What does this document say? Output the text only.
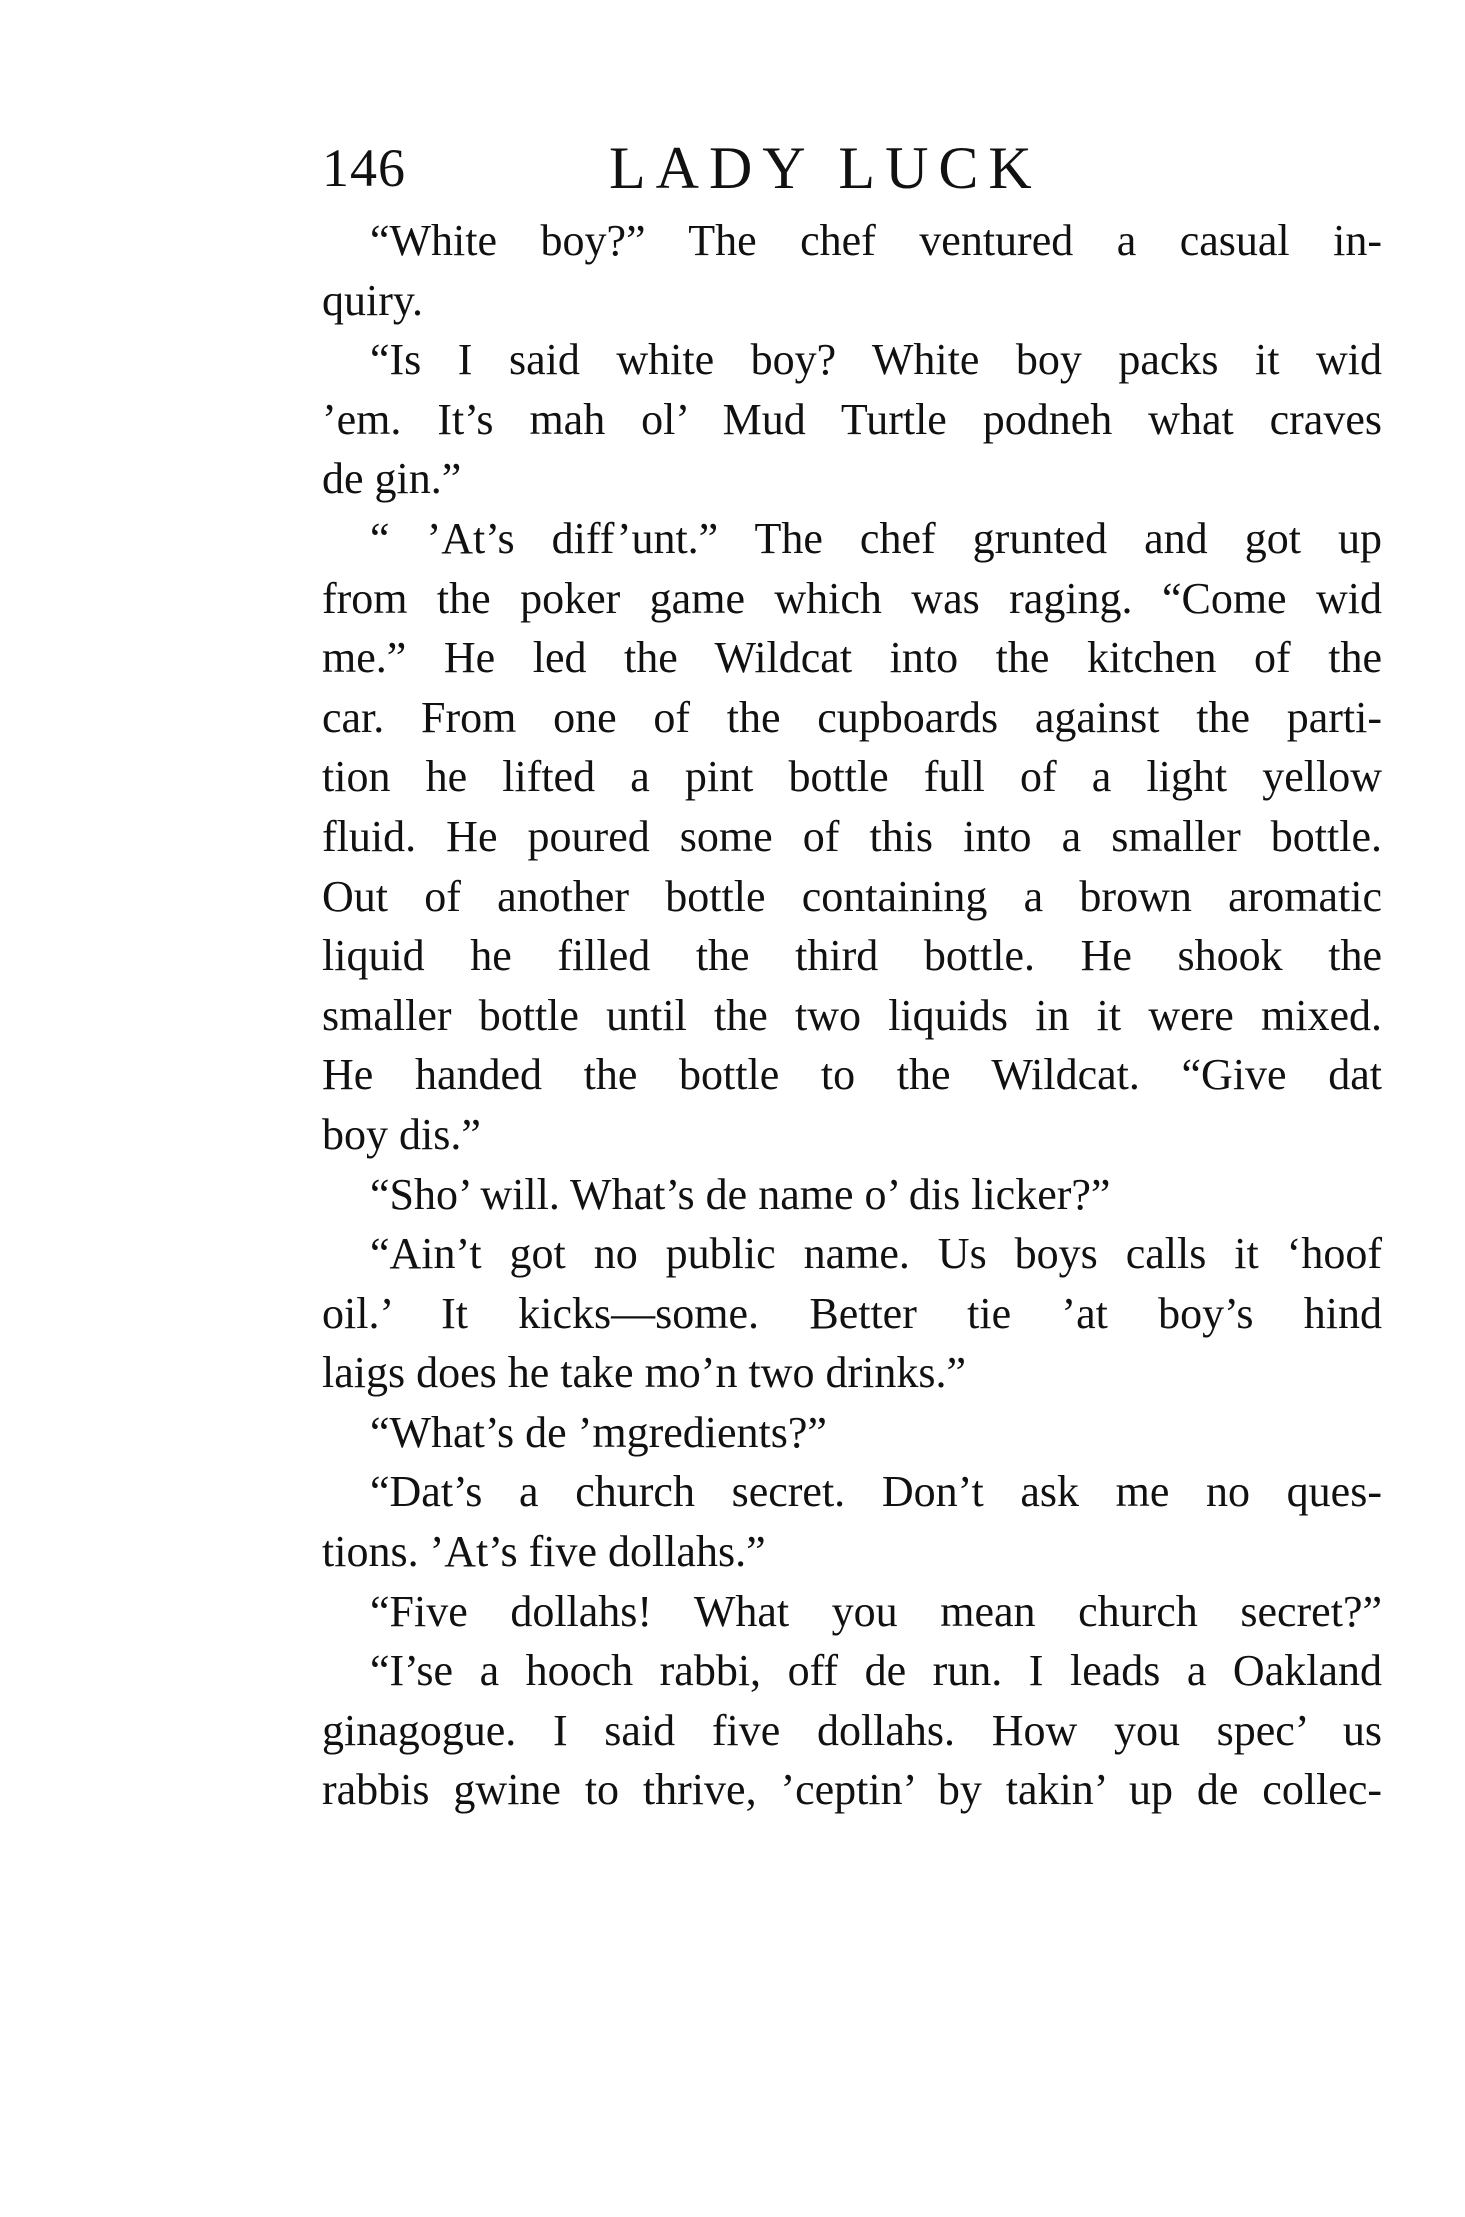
146	LADY LUCK
“White boy?” The chef ventured a casual in-
quiry.
“Is I said white boy? White boy packs it wid
’em. It’s mah ol’ Mud Turtle podneh what craves
de gin.”
“ ’At’s diff’unt.” The chef grunted and got up
from the poker game which was raging. “Come wid
me.” He led the Wildcat into the kitchen of the
car. From one of the cupboards against the parti-
tion he lifted a pint bottle full of a light yellow
fluid. He poured some of this into a smaller bottle.
Out of another bottle containing a brown aromatic
liquid he filled the third bottle. He shook the
smaller bottle until the two liquids in it were mixed.
He handed the bottle to the Wildcat. “Give dat
boy dis.”
“Sho’ will. What’s de name o’ dis licker?”
“Ain’t got no public name. Us boys calls it ‘hoof
oil.’ It kicks—some. Better tie ’at boy’s hind
laigs does he take mo’n two drinks.”
“What’s de ’mgredients?”
“Dat’s a church secret. Don’t ask me no ques-
tions. ’At’s five dollahs.”
“Five dollahs! What you mean church secret?”
“I’se a hooch rabbi, off de run. I leads a Oakland
ginagogue. I said five dollahs. How you spec’ us
rabbis gwine to thrive, ’ceptin’ by takin’ up de collec-
